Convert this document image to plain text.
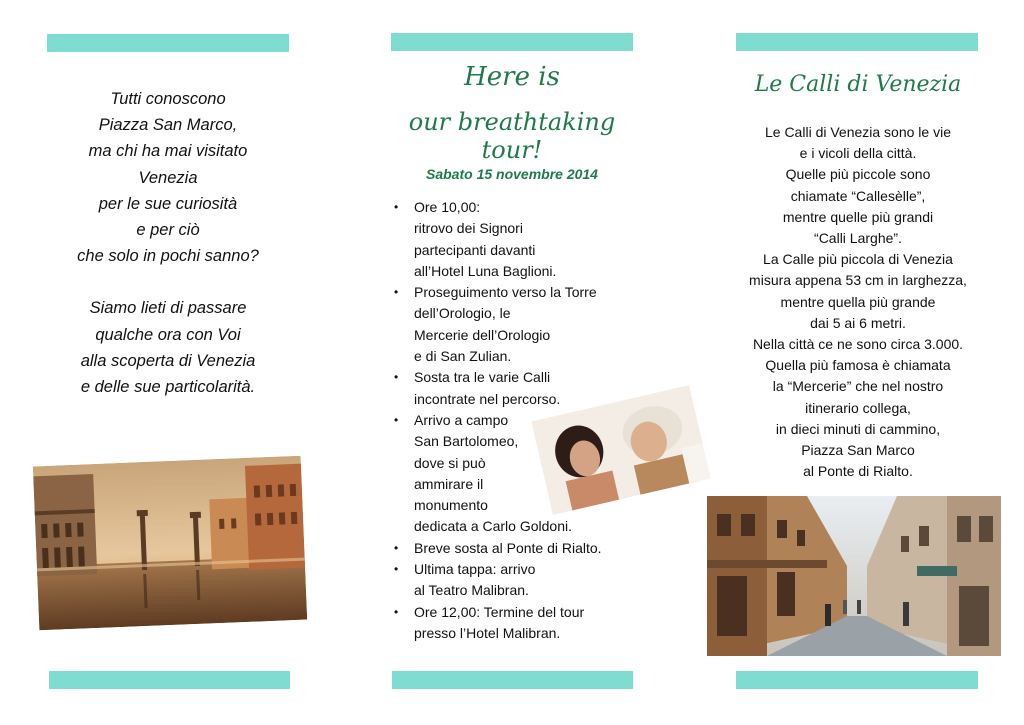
Tutti conoscono

Piazza San Marco,

ma chi ha mai visitato

Venezia

per le sue curiosità

e per ciò

che solo in pochi sanno?

Siamo lieti di passare

qualche ora con Voi

alla scoperta di Venezia

e delle sue particolarità.

Here is
our breathtaking tour!
Sabato 15 novembre 2014
• Ore 10,00:
ritrovo dei Signori
partecipanti davanti
all’Hotel Luna Baglioni.
• Proseguimento verso la Torre
dell’Orologio, le
Mercerie dell’Orologio
e di San Zulian.
• Sosta tra le varie Calli
incontrate nel percorso.
• Arrivo a campo
San Bartolomeo,
dove si può
ammirare il
monumento
dedicata a Carlo Goldoni.
• Breve sosta al Ponte di Rialto.
• Ultima tappa: arrivo
al Teatro Malibran.
• Ore 12,00: Termine del tour
presso l’Hotel Malibran.
Le Calli di Venezia
Le Calli di Venezia sono le vie
e i vicoli della città.
Quelle più piccole sono
chiamate “Callesèlle”,
mentre quelle più grandi
“Calli Larghe”.
La Calle più piccola di Venezia
misura appena 53 cm in larghezza,
mentre quella più grande
dai 5 ai 6 metri.
Nella città ce ne sono circa 3.000.
Quella più famosa è chiamata
la “Mercerie” che nel nostro
itinerario collega,
in dieci minuti di cammino,
Piazza San Marco
al Ponte di Rialto.
